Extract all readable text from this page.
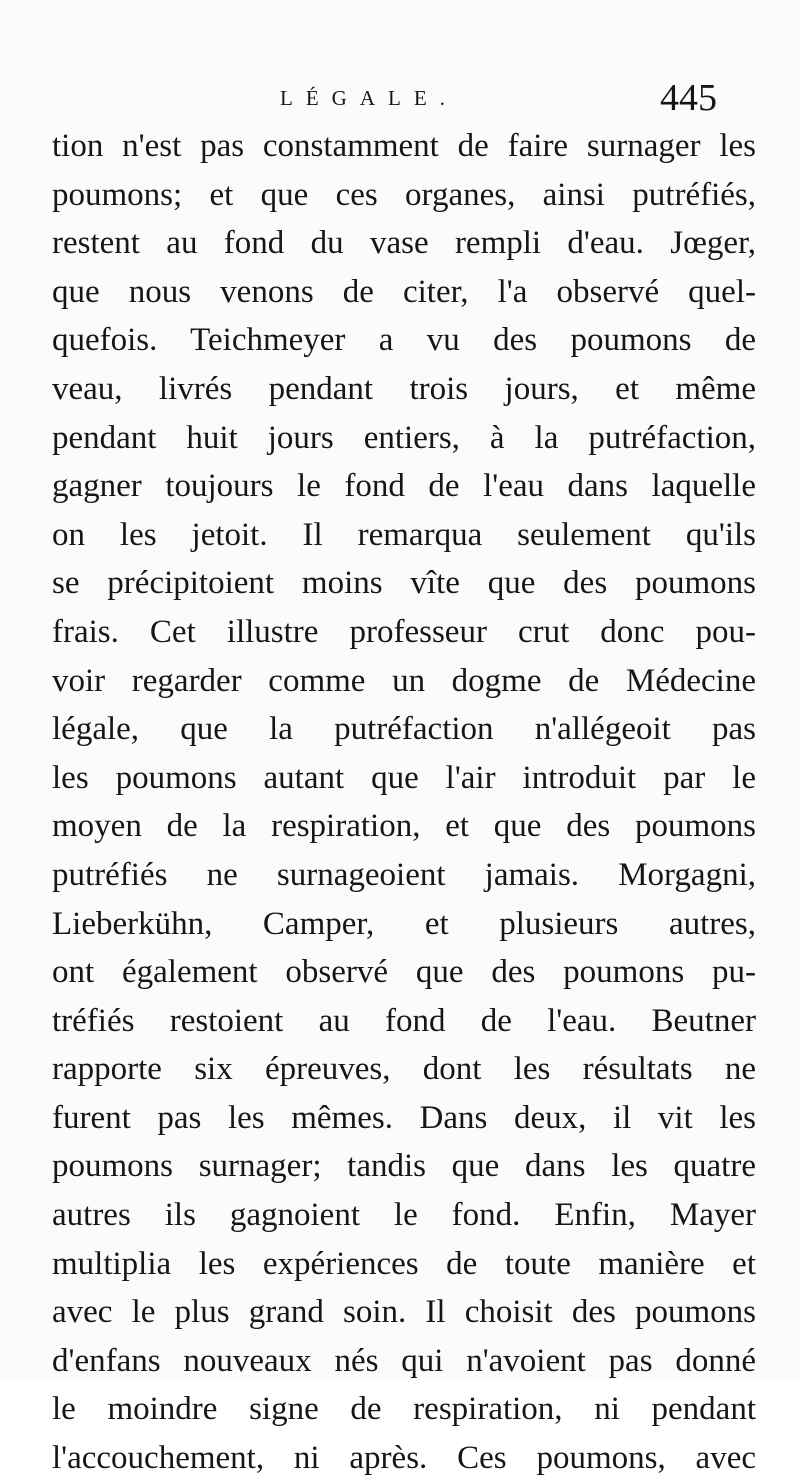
LÉGALE.	445
tion n'est pas constamment de faire surnager les
poumons; et que ces organes, ainsi putréfiés,
restent au fond du vase rempli d'eau. Jœger,
que nous venons de citer, l'a observé quel-
quefois. Teichmeyer a vu des poumons de
veau, livrés pendant trois jours, et même
pendant huit jours entiers, à la putréfaction,
gagner toujours le fond de l'eau dans laquelle
on les jetoit. Il remarqua seulement qu'ils
se précipitoient moins vîte que des poumons
frais. Cet illustre professeur crut donc pou-
voir regarder comme un dogme de Médecine
légale, que la putréfaction n'allégeoit pas
les poumons autant que l'air introduit par le
moyen de la respiration, et que des poumons
putréfiés ne surnageoient jamais. Morgagni,
Lieberkühn, Camper, et plusieurs autres,
ont également observé que des poumons pu-
tréfiés restoient au fond de l'eau. Beutner
rapporte six épreuves, dont les résultats ne
furent pas les mêmes. Dans deux, il vit les
poumons surnager; tandis que dans les quatre
autres ils gagnoient le fond. Enfin, Mayer
multiplia les expériences de toute manière et
avec le plus grand soin. Il choisit des poumons
d'enfans nouveaux nés qui n'avoient pas donné
le moindre signe de respiration, ni pendant
l'accouchement, ni après. Ces poumons, avec
